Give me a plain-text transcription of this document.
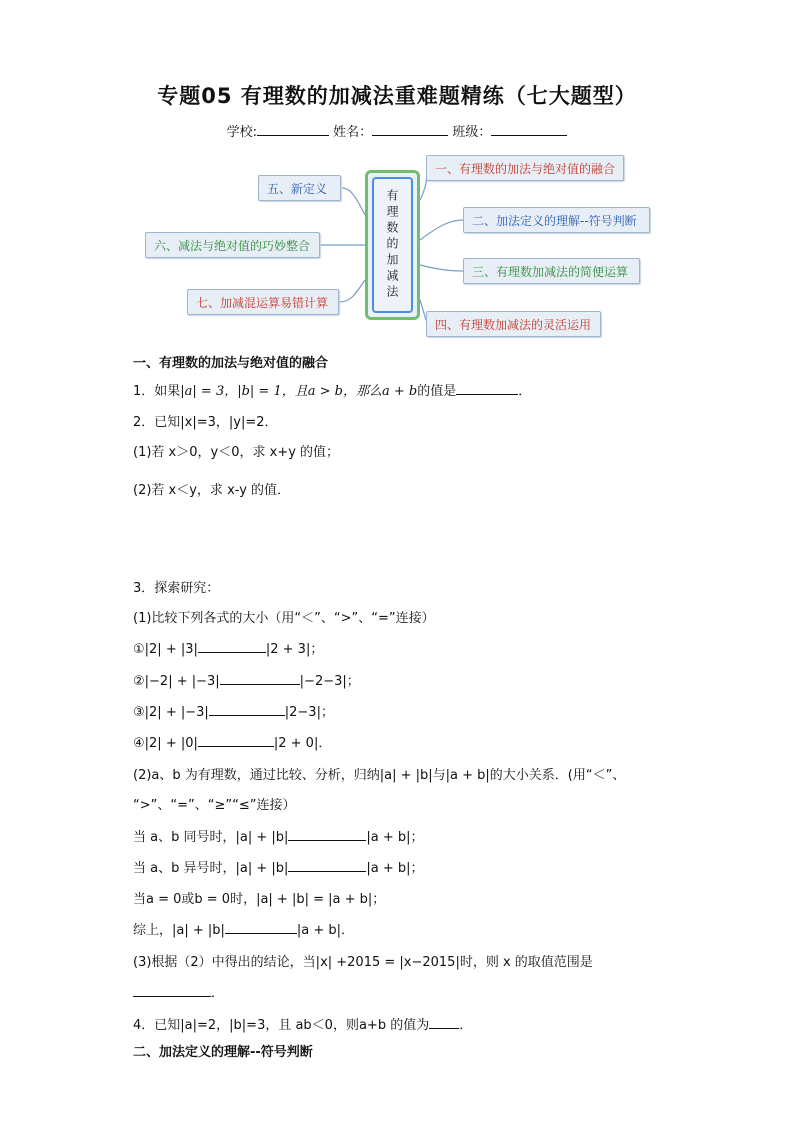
专题05 有理数的加减法重难题精练（七大题型）
学校:	姓名：	班级：
有理数的加减法
一、有理数的加法与绝对值的融合
二、加法定义的理解--符号判断
三、有理数加减法的简便运算
四、有理数加减法的灵活运用
五、新定义
六、减法与绝对值的巧妙整合
七、加减混运算易错计算
一、有理数的加法与绝对值的融合
1．如果|a| = 3，|b| = 1，且a > b，那么a + b的值是	．
2．已知|x|=3，|y|=2．
(1)若 x＞0，y＜0，求 x+y 的值；
(2)若 x＜y，求 x-y 的值．
3．探索研究：
(1)比较下列各式的大小（用“＜”、“>”、“=”连接）
①|2| + |3|	|2 + 3|；
②|−2| + |−3|	|−2−3|；
③|2| + |−3|	|2−3|；
④|2| + |0|	|2 + 0|．
(2)a、b 为有理数，通过比较、分析，归纳|a| + |b|与|a + b|的大小关系．(用“＜”、
“>”、“=”、“≥”“≤”连接）
当 a、b 同号时，|a| + |b|	|a + b|；
当 a、b 异号时，|a| + |b|	|a + b|；
当a = 0或b = 0时，|a| + |b| = |a + b|；
综上，|a| + |b|	|a + b|．
(3)根据（2）中得出的结论，当|x| +2015 = |x−2015|时，则 x 的取值范围是
．
4．已知|a|=2，|b|=3，且 ab＜0，则a+b 的值为 ．
二、加法定义的理解--符号判断
